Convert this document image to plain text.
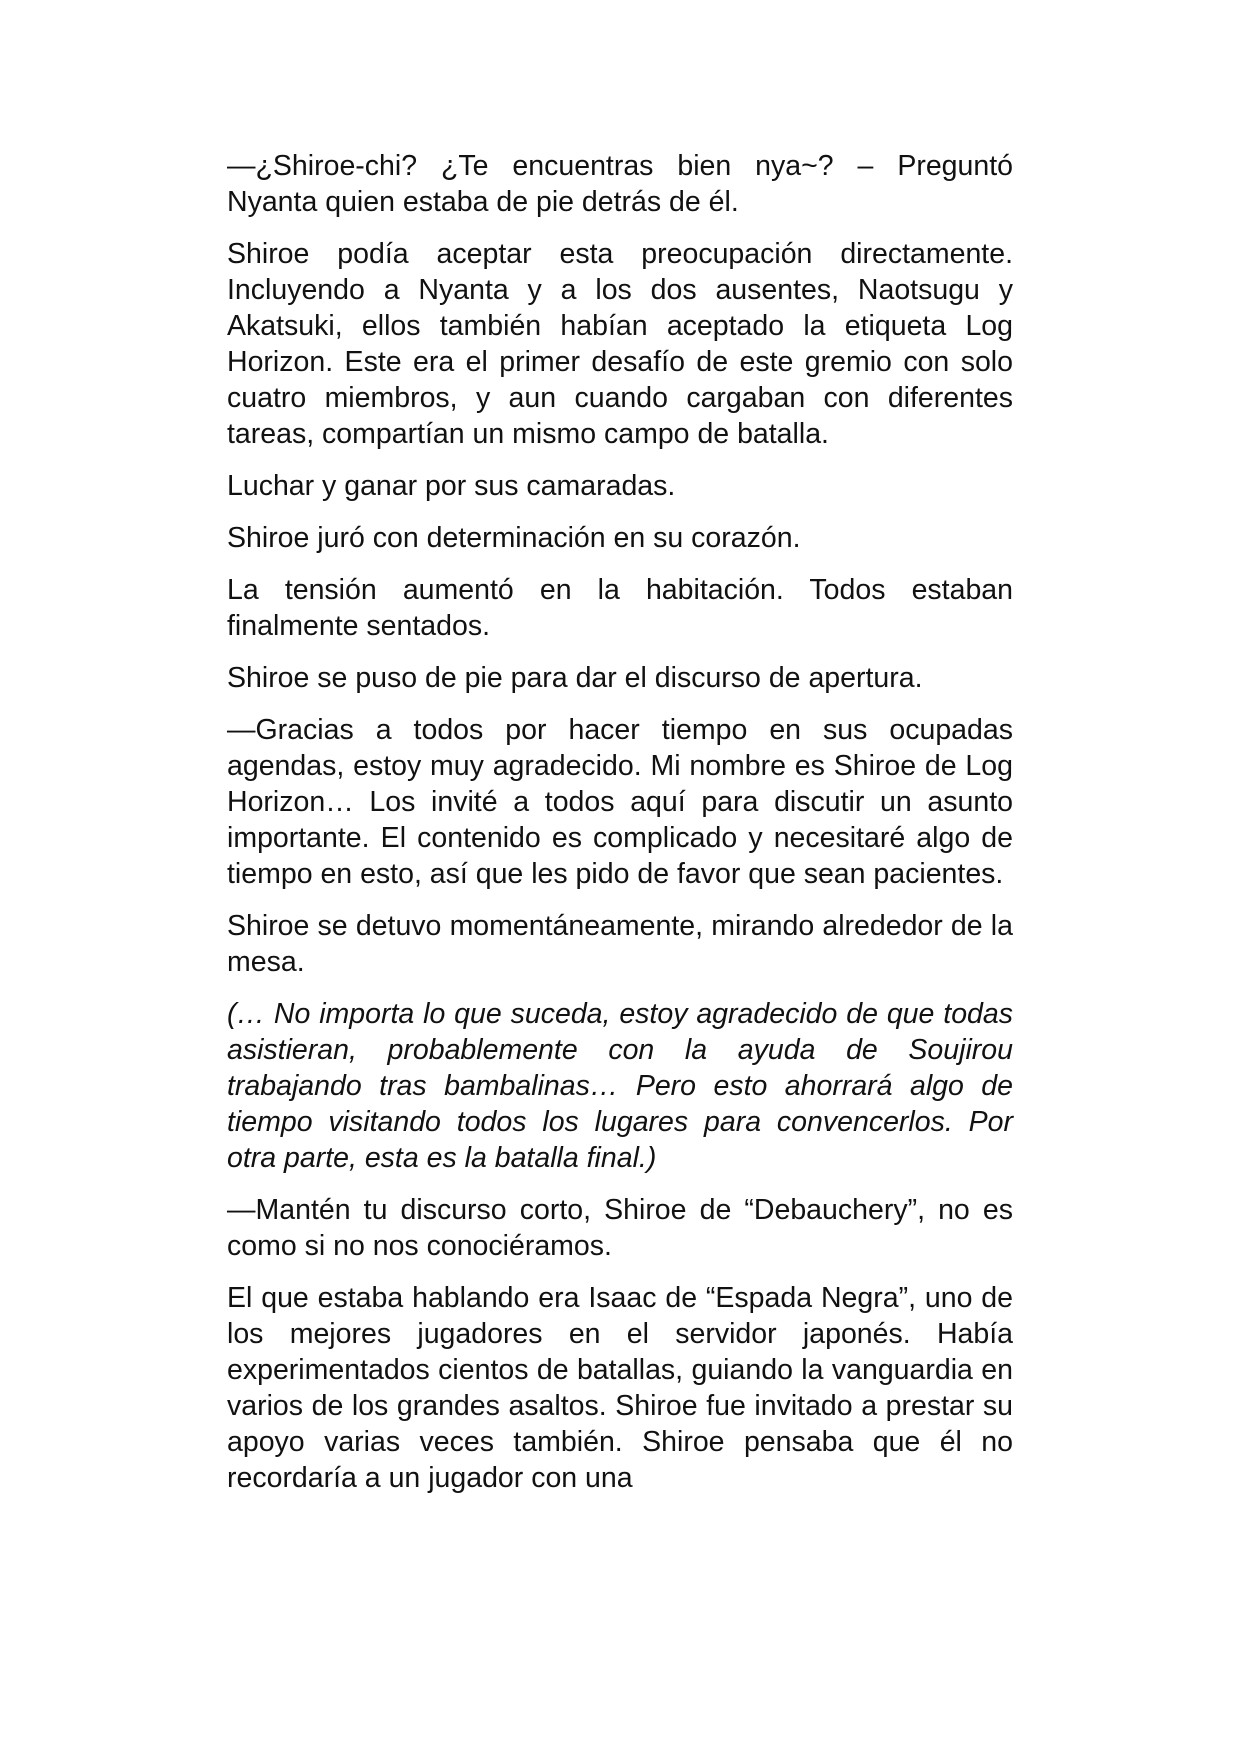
—¿Shiroe-chi? ¿Te encuentras bien nya~? – Preguntó Nyanta quien estaba de pie detrás de él.

Shiroe podía aceptar esta preocupación directamente. Incluyendo a Nyanta y a los dos ausentes, Naotsugu y Akatsuki, ellos también habían aceptado la etiqueta Log Horizon. Este era el primer desafío de este gremio con solo cuatro miembros, y aun cuando cargaban con diferentes tareas, compartían un mismo campo de batalla.

Luchar y ganar por sus camaradas.

Shiroe juró con determinación en su corazón.

La tensión aumentó en la habitación. Todos estaban finalmente sentados.

Shiroe se puso de pie para dar el discurso de apertura.

—Gracias a todos por hacer tiempo en sus ocupadas agendas, estoy muy agradecido. Mi nombre es Shiroe de Log Horizon… Los invité a todos aquí para discutir un asunto importante. El contenido es complicado y necesitaré algo de tiempo en esto, así que les pido de favor que sean pacientes.

Shiroe se detuvo momentáneamente, mirando alrededor de la mesa.

(… No importa lo que suceda, estoy agradecido de que todas asistieran, probablemente con la ayuda de Soujirou trabajando tras bambalinas… Pero esto ahorrará algo de tiempo visitando todos los lugares para convencerlos. Por otra parte, esta es la batalla final.)

—Mantén tu discurso corto, Shiroe de “Debauchery”, no es como si no nos conociéramos.

El que estaba hablando era Isaac de “Espada Negra”, uno de los mejores jugadores en el servidor japonés. Había experimentados cientos de batallas, guiando la vanguardia en varios de los grandes asaltos. Shiroe fue invitado a prestar su apoyo varias veces también. Shiroe pensaba que él no recordaría a un jugador con una
